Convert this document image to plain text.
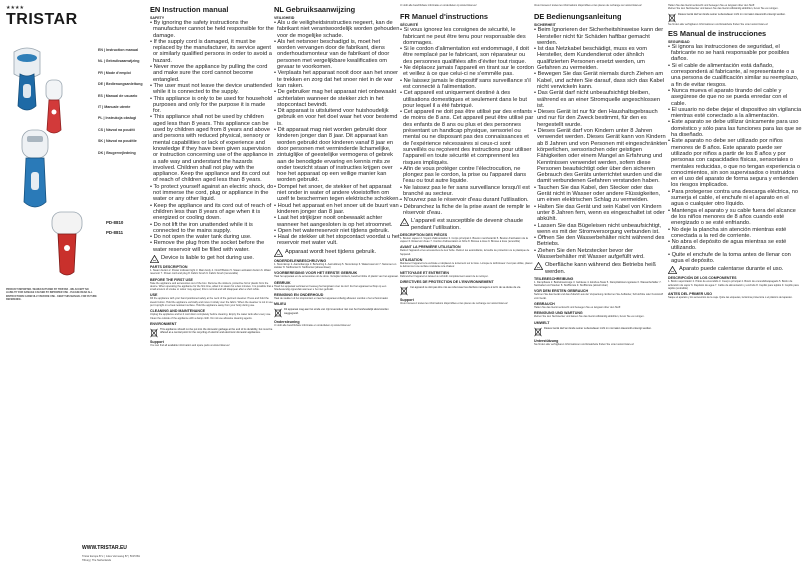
★★★★
TRISTAR
EN | Instruction manual
NL | Gebruiksaanwijzing
FR | Mode d'emploi
DE | Bedienungsanleitung
ES | Manual de usuario
IT | Manuale utente
PL | Instrukcja obsługi
CS | Návod na použití
SK | Návod na použitie
DK | Brugervejledning
PD-8810
PD-8811
PRODUCT IMPORTED / MANUFACTURED BY TRISTAR · WE ACCEPT NO LIABILITY FOR DAMAGE CAUSED BY IMPROPER USE · PLEASE READ ALL INSTRUCTIONS CAREFULLY BEFORE USE · KEEP THIS MANUAL FOR FUTURE REFERENCE.
WWW.TRISTAR.EU
Tristar Europe B.V. | Jules Verneweg 87 | 5015 BH Tilburg | The Netherlands
EN Instruction manual
SAFETY
• By ignoring the safety instructions the manufacturer cannot be held responsible for the damage.
• If the supply cord is damaged, it must be replaced by the manufacturer, its service agent or similarly qualified persons in order to avoid a hazard.
• Never move the appliance by pulling the cord and make sure the cord cannot become entangled.
• The user must not leave the device unattended while it is connected to the supply.
• This appliance is only to be used for household purposes and only for the purpose it is made for.
• This appliance shall not be used by children aged less than 8 years. This appliance can be used by children aged from 8 years and above and persons with reduced physical, sensory or mental capabilities or lack of experience and knowledge if they have been given supervision or instruction concerning use of the appliance in a safe way and understand the hazards involved. Children shall not play with the appliance. Keep the appliance and its cord out of reach of children aged less than 8 years.
• To protect yourself against an electric shock, do not immerse the cord, plug or appliance in the water or any other liquid.
• Keep the appliance and its cord out of reach of children less than 8 years of age when it is energized or cooling down.
• Do not lift the iron unattended while it is connected to the mains supply.
• Do not open the water tank during use.
• Remove the plug from the socket before the water reservoir will be filled with water.
Device is liable to get hot during use.
PARTS DESCRIPTION
1. Steam button 2. Power indicator light 3. Main body 4. On/off Button 5. Steam activation button 6. Water reservoir 7. Power cord and plug 8. Fabric brush 9. Fabric brush (removable)
BEFORE THE FIRST USE
Take the appliance and accessories out of the box. Remove the stickers, protective foil or plastic from the device. When operating the appliance for the first time, allow it to steam for a few minutes. It is possible that a small amount of smoke or odour may appear; this is normal and will disappear after a short while.
USE
Fill the appliance with your hand positioned safely at the neck of the garment steamer. Press and hold the steam button. Hold the appliance vertically and move it slowly over the fabric. When the steamer is not in use, put it upright on a heat resistant surface. Hold the appliance away from your body during use.
CLEANING AND MAINTENANCE
Unplug the appliance and let it cool down completely before cleaning. Empty the water tank after every use. Clean the outside of the appliance with a damp cloth. Do not use abrasive cleaning agents.
ENVIRONMENT
This appliance should not be put into the domestic garbage at the end of its durability, but must be offered at a central point for the recycling of electric and electronic domestic appliances.
Support
You can find all available information and spare parts at www.tristar.eu!
NL Gebruiksaanwijzing
VEILIGHEID
• Als u de veiligheidsinstructies negeert, kan de fabrikant niet verantwoordelijk worden gehouden voor de mogelijke schade.
• Als het netsnoer beschadigd is, moet het worden vervangen door de fabrikant, diens onderhoudsmonteur van de fabrikant of door personen met vergelijkbare kwalificaties om gevaar te voorkomen.
• Verplaats het apparaat nooit door aan het snoer te trekken en zorg dat het snoer niet in de war kan raken.
• De gebruiker mag het apparaat niet onbewaakt achterlaten wanneer de stekker zich in het stopcontact bevindt.
• Dit apparaat is uitsluitend voor huishoudelijk gebruik en voor het doel waar het voor bestemd is.
• Dit apparaat mag niet worden gebruikt door kinderen jonger dan 8 jaar. Dit apparaat kan worden gebruikt door kinderen vanaf 8 jaar en door personen met verminderde lichamelijke, zintuiglijke of geestelijke vermogens of gebrek aan de benodigde ervaring en kennis mits ze onder toezicht staan of instructies krijgen over hoe het apparaat op een veilige manier kan worden gebruikt.
• Dompel het snoer, de stekker of het apparaat niet onder in water of andere vloeistoffen om uzelf te beschermen tegen elektrische schokken.
• Houd het apparaat en het snoer uit de buurt van kinderen jonger dan 8 jaar.
• Laat het strijkijzer nooit onbewaakt achter wanneer het aangesloten is op het stroomnet.
• Open het waterreservoir niet tijdens gebruik.
• Haal de stekker uit het stopcontact voordat u het reservoir met water vult.
Apparaat wordt heet tijdens gebruik.
ONDERDELENBESCHRIJVING
1. Stoomknop 2. Aan/uitlampje 3. Behuizing 4. Aan/uitknop 5. Stoomknop 6. Waterreservoir 7. Netsnoer en stekker 8. Stofborstel 9. Stofborstel (afneembaar)
VOORBEREIDING VOOR HET EERSTE GEBRUIK
Haal het apparaat en de accessoires uit de doos. Verwijder stickers, beschermfolie of plastic van het apparaat.
GEBRUIK
Houd het apparaat verticaal en beweeg het langzaam over de stof. Zet het apparaat rechtop op een hittebestendig oppervlak wanneer u het niet gebruikt.
REINIGING EN ONDERHOUD
Haal de stekker uit het stopcontact en laat het apparaat volledig afkoelen voordat u het schoonmaakt.
MILIEU
Dit apparaat mag aan het einde van zijn levensduur niet met het huishoudelijk afval worden weggegooid.
Ondersteuning
U vindt alle beschikbare informatie en onderdelen op www.tristar.eu!
U vindt alle beschikbare informatie en onderdelen op www.tristar.eu!
FR Manuel d'instructions
SÉCURITÉ
• Si vous ignorez les consignes de sécurité, le fabricant ne peut être tenu pour responsable des dommages.
• Si le cordon d'alimentation est endommagé, il doit être remplacé par le fabricant, son réparateur ou des personnes qualifiées afin d'éviter tout risque.
• Ne déplacez jamais l'appareil en tirant sur le cordon et veillez à ce que celui-ci ne s'emmêle pas.
• Ne laissez jamais le dispositif sans surveillance s'il est connecté à l'alimentation.
• Cet appareil est uniquement destiné à des utilisations domestiques et seulement dans le but pour lequel il a été fabriqué.
• Cet appareil ne doit pas être utilisé par des enfants de moins de 8 ans. Cet appareil peut être utilisé par des enfants de 8 ans ou plus et des personnes présentant un handicap physique, sensoriel ou mental ou ne disposant pas des connaissances et de l'expérience nécessaires si ceux-ci sont surveillés ou reçoivent des instructions pour utiliser l'appareil en toute sécurité et comprennent les risques impliqués.
• Afin de vous protéger contre l'électrocution, ne plongez pas le cordon, la prise ou l'appareil dans l'eau ou tout autre liquide.
• Ne laissez pas le fer sans surveillance lorsqu'il est branché au secteur.
• N'ouvrez pas le réservoir d'eau durant l'utilisation.
• Débranchez la fiche de la prise avant de remplir le réservoir d'eau.
L'appareil est susceptible de devenir chaude pendant l'utilisation.
DESCRIPTION DES PIÈCES
1. Bouton vapeur 2. Voyant d'alimentation 3. Corps principal 4. Bouton marche/arrêt 5. Bouton d'activation de la vapeur 6. Réservoir d'eau 7. Cordon d'alimentation et fiche 8. Brosse à tissu 9. Brosse à tissu (amovible)
AVANT LA PREMIÈRE UTILISATION
Retirez l'appareil et les accessoires de leur boîte. Retirez les autocollants, la feuille de protection ou le plastique de l'appareil.
UTILISATION
Maintenez l'appareil à la verticale et déplacez-le lentement sur le tissu. Lorsque le défroisseur n'est pas utilisé, placez-le debout sur une surface résistante à la chaleur.
NETTOYAGE ET ENTRETIEN
Débranchez l'appareil et laissez-le refroidir complètement avant de le nettoyer.
DIRECTIVES DE PROTECTION DE L'ENVIRONNEMENT
Cet appareil ne doit pas être mis au rebut avec les déchets ménagers à la fin de sa durée de vie.
Support
Vous trouverez toutes les informations disponibles et les pièces de rechange sur www.tristar.eu!
Vous trouverez toutes les informations disponibles et les pièces de rechange sur www.tristar.eu!
DE Bedienungsanleitung
SICHERHEIT
• Beim Ignorieren der Sicherheitshinweise kann der Hersteller nicht für Schäden haftbar gemacht werden.
• Ist das Netzkabel beschädigt, muss es vom Hersteller, dem Kundendienst oder ähnlich qualifizierten Personen ersetzt werden, um Gefahren zu vermeiden.
• Bewegen Sie das Gerät niemals durch Ziehen am Kabel, und achten Sie darauf, dass sich das Kabel nicht verwickeln kann.
• Das Gerät darf nicht unbeaufsichtigt bleiben, während es an einer Stromquelle angeschlossen ist.
• Dieses Gerät ist nur für den Haushaltsgebrauch und nur für den Zweck bestimmt, für den es hergestellt wurde.
• Dieses Gerät darf von Kindern unter 8 Jahren verwendet werden. Dieses Gerät kann von Kindern ab 8 Jahren und von Personen mit eingeschränkten körperlichen, sensorischen oder geistigen Fähigkeiten oder einem Mangel an Erfahrung und Kenntnissen verwendet werden, sofern diese Personen beaufsichtigt oder über den sicheren Gebrauch des Geräts unterrichtet wurden und die damit verbundenen Gefahren verstanden haben.
• Tauchen Sie das Kabel, den Stecker oder das Gerät nicht in Wasser oder andere Flüssigkeiten, um einen elektrischen Schlag zu vermeiden.
• Halten Sie das Gerät und sein Kabel von Kindern unter 8 Jahren fern, wenn es eingeschaltet ist oder abkühlt.
• Lassen Sie das Bügeleisen nicht unbeaufsichtigt, wenn es mit der Stromversorgung verbunden ist.
• Öffnen Sie den Wasserbehälter nicht während des Betriebs.
• Ziehen Sie den Netzstecker bevor der Wasserbehälter mit Wasser aufgefüllt wird.
Oberfläche kann während des Betriebs heiß werden.
TEILEBESCHREIBUNG
1. Dampftaste 2. Betriebsanzeige 3. Gehäuse 4. Ein/Aus-Taste 5. Dampfaktivierungstaste 6. Wasserbehälter 7. Netzkabel und Stecker 8. Stoffbürste 9. Stoffbürste (abnehmbar)
VOR DEM ERSTEN GEBRAUCH
Nehmen Sie das Gerät und das Zubehör aus der Verpackung. Entfernen Sie Aufkleber, Schutzfolie oder Kunststoff vom Gerät.
GEBRAUCH
Halten Sie das Gerät senkrecht und bewegen Sie es langsam über den Stoff.
REINIGUNG UND WARTUNG
Ziehen Sie den Netzstecker und lassen Sie das Gerät vollständig abkühlen, bevor Sie es reinigen.
UMWELT
Dieses Gerät darf am Ende seiner Lebensdauer nicht im normalen Hausmüll entsorgt werden.
Unterstützung
Sie finden alle verfügbaren Informationen und Ersatzteile finden Sie unter www.tristar.eu!
Halten Sie das Gerät senkrecht und bewegen Sie es langsam über den Stoff.
Ziehen Sie den Netzstecker und lassen Sie das Gerät vollständig abkühlen, bevor Sie es reinigen.
Dieses Gerät darf am Ende seiner Lebensdauer nicht im normalen Hausmüll entsorgt werden.
Sie finden alle verfügbaren Informationen und Ersatzteile finden Sie unter www.tristar.eu!
ES Manual de instrucciones
SEGURIDAD
• Si ignora las instrucciones de seguridad, el fabricante no se hará responsable por posibles daños.
• Si el cable de alimentación está dañado, corresponderá al fabricante, al representante o a una persona de cualificación similar su reemplazo, a fin de evitar riesgos.
• Nunca mueva el aparato tirando del cable y asegúrese de que no se pueda enredar con el cable.
• El usuario no debe dejar el dispositivo sin vigilancia mientras esté conectado a la alimentación.
• Este aparato se debe utilizar únicamente para uso doméstico y sólo para las funciones para las que se ha diseñado.
• Este aparato no debe ser utilizado por niños menores de 8 años. Este aparato puede ser utilizado por niños a partir de los 8 años y por personas con capacidades físicas, sensoriales o mentales reducidas, o que no tengan experiencia o conocimientos, sin son supervisados o instruidos en el uso del aparato de forma segura y entienden los riesgos implicados.
• Para protegerse contra una descarga eléctrica, no sumerja el cable, el enchufe ni el aparato en el agua o cualquier otro líquido.
• Mantenga el aparato y su cable fuera del alcance de los niños menores de 8 años cuando esté energizado o se esté enfriando.
• No deje la plancha sin atención mientras esté conectada a la red de corriente.
• No abra el depósito de agua mientras se esté utilizando.
• Quite el enchufe de la toma antes de llenar con agua el depósito.
Aparato puede calentarse durante el uso.
DESCRIPCIÓN DE LOS COMPONENTES
1. Botón vaporizador 2. Piloto de encendido 3. Cuerpo principal 4. Botón de encendido/apagado 5. Botón de activación de vapor 6. Depósito de agua 7. Cable de alimentación y enchufe 8. Cepillo para tejidos 9. Cepillo para tejidos (extraíble)
ANTES DEL PRIMER USO
Saque el aparato y los accesorios de la caja. Quite las etiquetas, la lámina protectora o el plástico del aparato.
